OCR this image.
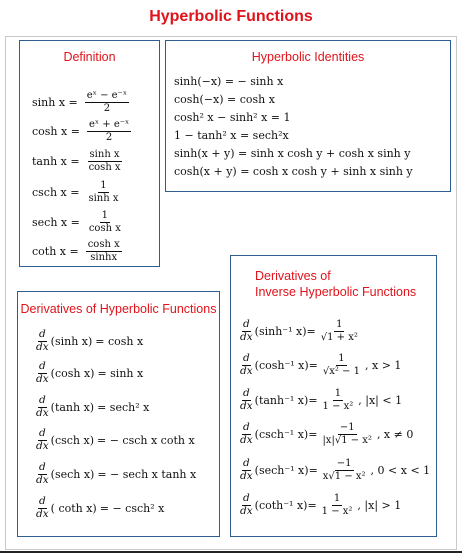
Hyperbolic Functions
Definition	Hyperbolic Identities
Derivatives of Hyperbolic Functions
Derivatives of
Inverse Hyperbolic Functions
$\sinh x = \frac{\text{eˣ − e⁻ˣ}}{2}$
$\cosh x = \frac{\text{eˣ + e⁻ˣ}}{2}$
$\tanh x = \frac{\text{sinh x}}{\text{cosh x}}$
csch $x = \frac{1}{\text{sinh x}}$
sech $x = \frac{1}{\text{cosh x}}$
coth $x = \frac{\text{cosh x}}{\sinh x}$
sinh(−x) = − sinh x
cosh(−x) = cosh x
cosh² x − sinh² x = 1
1 − tanh² x = sech²x
sinh(x + y) = sinh x cosh y + cosh x sinh y
cosh(x + y) = cosh x cosh y + sinh x sinh y
$\frac{d}{dx} (\sinh$ x) = cosh x
$\frac{d}{dx} (\cosh$ x) = sinh x
$\frac{d}{dx} (\tanh$ x) = sech² x
$\frac{d}{dx} (\csc h$ x) = − csch x coth x
$\frac{d}{dx} (\sec h$ x) = − sech x tanh x
$\frac{d}{dx}$ ( coth x) = − csch² x
$\frac{d}{dx} (\sinh^{-1}$ $x) = \frac{1}{\text{√1 + x²}}$
$\frac{d}{dx} (\cosh^{-1}$ $x) = \frac{1}{\text{√x² − 1}}$ , x > 1
$\frac{d}{dx} (\tanh^{-1}$ $x) = \frac{1}{\text{1 − x²}}$ , |x| < 1
$\frac{d}{dx} (\csc h^{-1}$ $x) = \frac{-1}{\text{|x|√1 − x²}}$ , x ≠ 0
$\frac{d}{dx} (\sec h^{-1}$ $x) = \frac{-1}{\text{x√1 − x²}}$ , 0 < x < 1
$\frac{d}{dx} (\cot h^{-1}$ $x) = \frac{1}{\text{1 − x²}}$ , |x| > 1
